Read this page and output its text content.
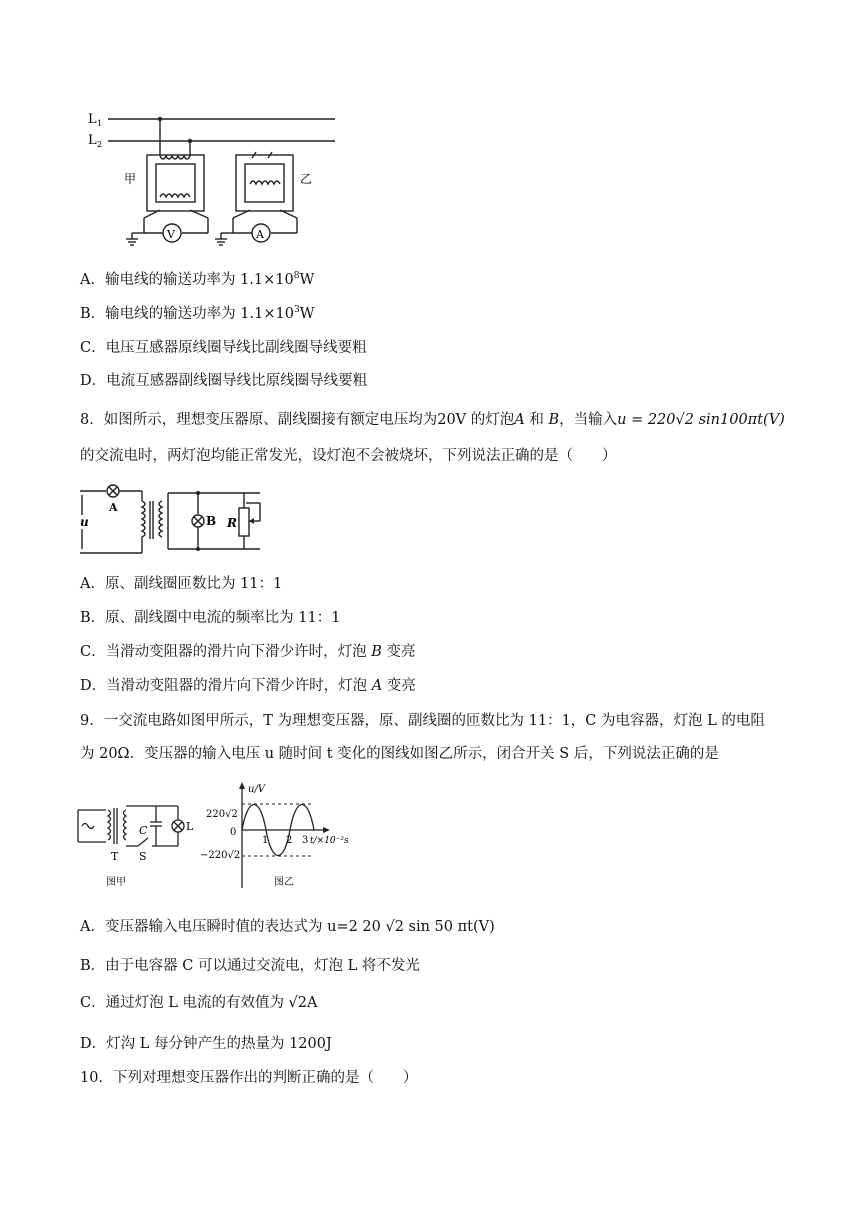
L 1
L 2
甲	乙
V	A
A．输电线的输送功率为 $1.1\times 10^8W$
B．输电线的输送功率为 $1.1\times 10^3W$
C．电压互感器原线圈导线比副线圈导线要粗
D．电流互感器副线圈导线比原线圈导线要粗
8．如图所示，理想变压器原、副线圈接有额定电压均为20V 的灯泡A 和 B，当输入u = 220√2 sin100πt(V)
的交流电时，两灯泡均能正常发光，设灯泡不会被烧坏，下列说法正确的是（　　）
u
A
B R
A．原、副线圈匝数比为 11：1
B．原、副线圈中电流的频率比为 11：1
C．当滑动变阻器的滑片向下滑少许时，灯泡 B 变亮
D．当滑动变阻器的滑片向下滑少许时，灯泡 A 变亮
9．一交流电路如图甲所示，T 为理想变压器，原、副线圈的匝数比为 11：1，C 为电容器，灯泡 L 的电阻
为 20Ω．变压器的输入电压 u 随时间 t 变化的图线如图乙所示，闭合开关 S 后，下列说法正确的是
C	L
T S
图甲	图乙
u/V
220√2
0
−220√2
1 2 3 t/×10⁻²s
A．变压器输入电压瞬时值的表达式为 u=2 20 √2 sin 50 πt(V)
B．由于电容器 C 可以通过交流电，灯泡 L 将不发光
C．通过灯泡 L 电流的有效值为 √2A
D．灯沟 L 每分钟产生的热量为 1200J
10．下列对理想变压器作出的判断正确的是（　　）
